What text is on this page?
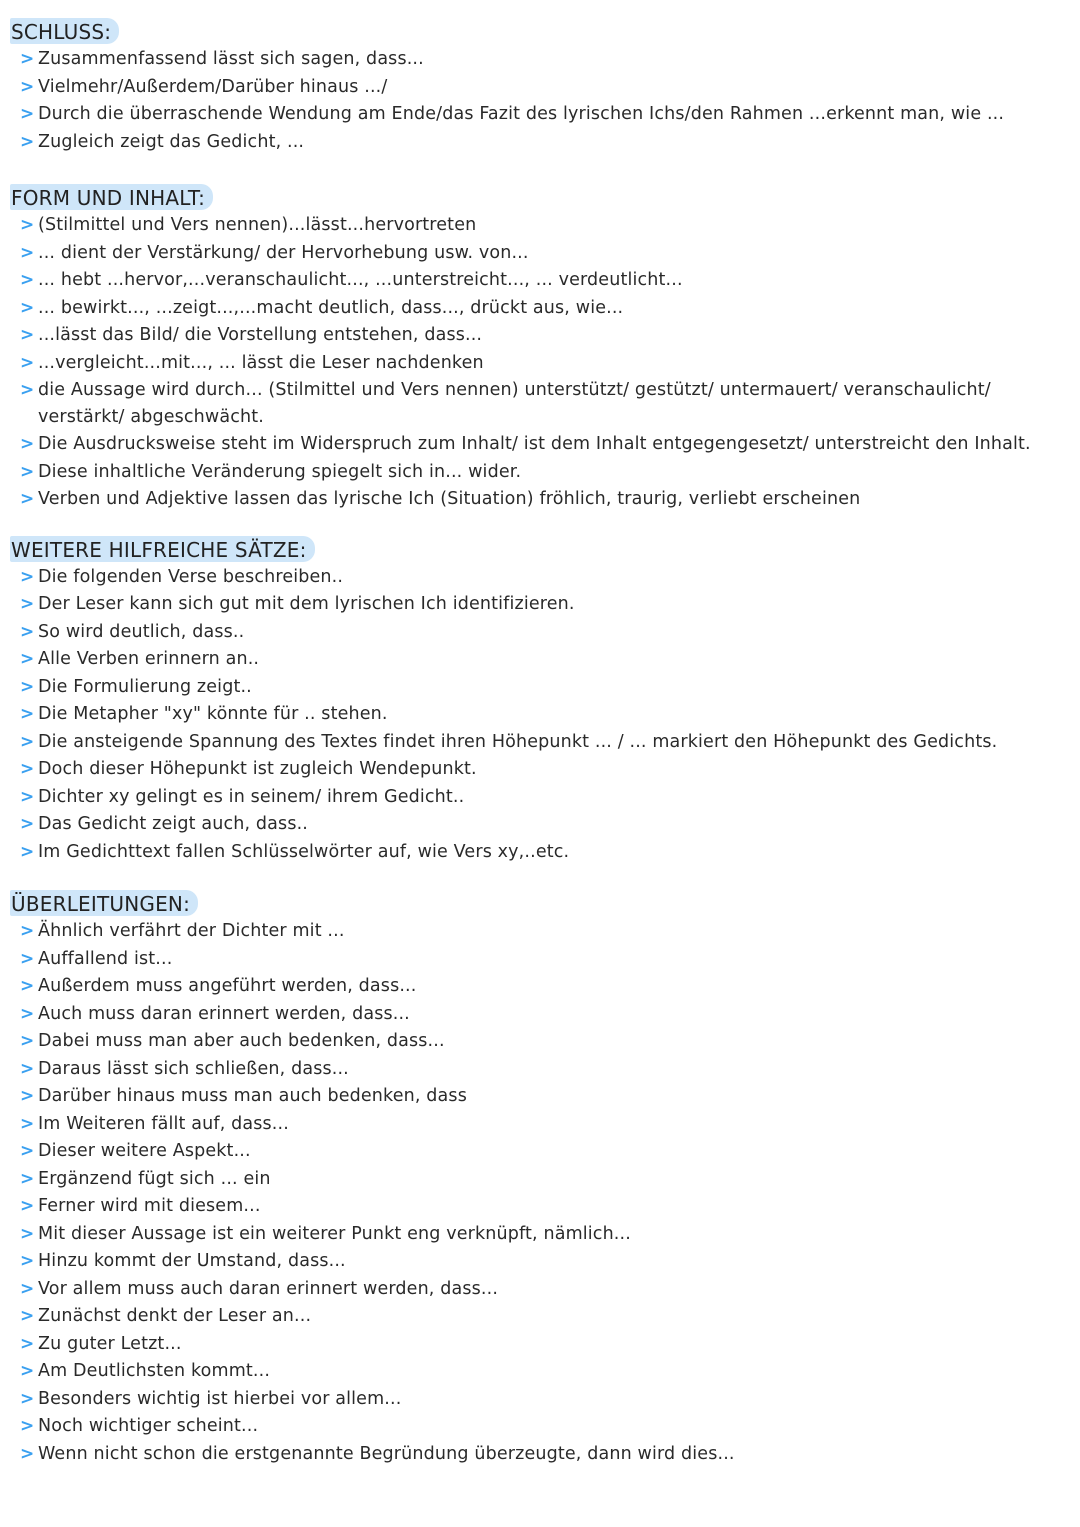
SCHLUSS:
> Zusammenfassend lässt sich sagen, dass...
> Vielmehr/Außerdem/Darüber hinaus .../
> Durch die überraschende Wendung am Ende/das Fazit des lyrischen Ichs/den Rahmen ...erkennt man, wie ...
> Zugleich zeigt das Gedicht, ...
FORM UND INHALT:
> (Stilmittel und Vers nennen)...lässt...hervortreten
> ... dient der Verstärkung/ der Hervorhebung usw. von...
> ... hebt ...hervor,...veranschaulicht..., ...unterstreicht..., ... verdeutlicht...
> ... bewirkt..., ...zeigt...,...macht deutlich, dass..., drückt aus, wie...
> ...lässt das Bild/ die Vorstellung entstehen, dass...
> ...vergleicht...mit..., ... lässt die Leser nachdenken
> die Aussage wird durch... (Stilmittel und Vers nennen) unterstützt/ gestützt/ untermauert/ veranschaulicht/ verstärkt/ abgeschwächt.
> Die Ausdrucksweise steht im Widerspruch zum Inhalt/ ist dem Inhalt entgegengesetzt/ unterstreicht den Inhalt.
> Diese inhaltliche Veränderung spiegelt sich in... wider.
> Verben und Adjektive lassen das lyrische Ich (Situation) fröhlich, traurig, verliebt erscheinen
WEITERE HILFREICHE SÄTZE:
> Die folgenden Verse beschreiben..
> Der Leser kann sich gut mit dem lyrischen Ich identifizieren.
> So wird deutlich, dass..
> Alle Verben erinnern an..
> Die Formulierung zeigt..
> Die Metapher "xy" könnte für .. stehen.
> Die ansteigende Spannung des Textes findet ihren Höhepunkt ... / ... markiert den Höhepunkt des Gedichts.
> Doch dieser Höhepunkt ist zugleich Wendepunkt.
> Dichter xy gelingt es in seinem/ ihrem Gedicht..
> Das Gedicht zeigt auch, dass..
> Im Gedichttext fallen Schlüsselwörter auf, wie Vers xy,..etc.
ÜBERLEITUNGEN:
> Ähnlich verfährt der Dichter mit ...
> Auffallend ist...
> Außerdem muss angeführt werden, dass...
> Auch muss daran erinnert werden, dass...
> Dabei muss man aber auch bedenken, dass...
> Daraus lässt sich schließen, dass...
> Darüber hinaus muss man auch bedenken, dass
> Im Weiteren fällt auf, dass...
> Dieser weitere Aspekt...
> Ergänzend fügt sich ... ein
> Ferner wird mit diesem...
> Mit dieser Aussage ist ein weiterer Punkt eng verknüpft, nämlich...
> Hinzu kommt der Umstand, dass...
> Vor allem muss auch daran erinnert werden, dass...
> Zunächst denkt der Leser an...
> Zu guter Letzt...
> Am Deutlichsten kommt...
> Besonders wichtig ist hierbei vor allem...
> Noch wichtiger scheint...
> Wenn nicht schon die erstgenannte Begründung überzeugte, dann wird dies...
